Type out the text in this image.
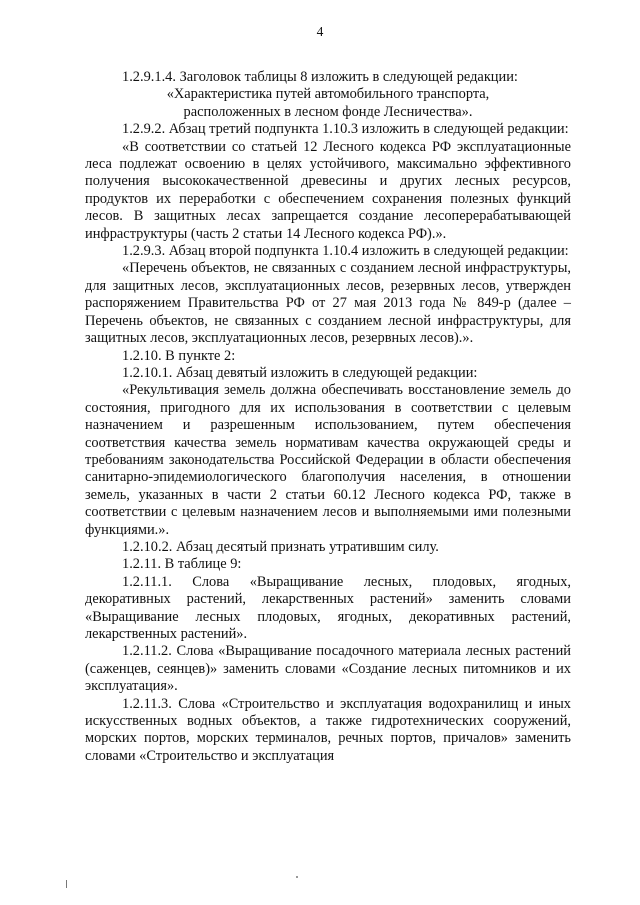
4

1.2.9.1.4. Заголовок таблицы 8 изложить в следующей редакции:

«Характеристика путей автомобильного транспорта,

расположенных в лесном фонде Лесничества».

1.2.9.2. Абзац третий подпункта 1.10.3 изложить в следующей редакции:

«В соответствии со статьей 12 Лесного кодекса РФ эксплуатационные леса подлежат освоению в целях устойчивого, максимально эффективного получения высококачественной древесины и других лесных ресурсов, продуктов их переработки с обеспечением сохранения полезных функций лесов. В защитных лесах запрещается создание лесоперерабатывающей инфраструктуры (часть 2 статьи 14 Лесного кодекса РФ).».

1.2.9.3. Абзац второй подпункта 1.10.4 изложить в следующей редакции:

«Перечень объектов, не связанных с созданием лесной инфраструктуры, для защитных лесов, эксплуатационных лесов, резервных лесов, утвержден распоряжением Правительства РФ от 27 мая 2013 года № 849-р (далее – Перечень объектов, не связанных с созданием лесной инфраструктуры, для защитных лесов, эксплуатационных лесов, резервных лесов).».

1.2.10. В пункте 2:

1.2.10.1. Абзац девятый изложить в следующей редакции:

«Рекультивация земель должна обеспечивать восстановление земель до состояния, пригодного для их использования в соответствии с целевым назначением и разрешенным использованием, путем обеспечения соответствия качества земель нормативам качества окружающей среды и требованиям законодательства Российской Федерации в области обеспечения санитарно-эпидемиологического благополучия населения, в отношении земель, указанных в части 2 статьи 60.12 Лесного кодекса РФ, также в соответствии с целевым назначением лесов и выполняемыми ими полезными функциями.».

1.2.10.2. Абзац десятый признать утратившим силу.

1.2.11. В таблице 9:

1.2.11.1. Слова «Выращивание лесных, плодовых, ягодных, декоративных растений, лекарственных растений» заменить словами «Выращивание лесных плодовых, ягодных, декоративных растений, лекарственных растений».

1.2.11.2. Слова «Выращивание посадочного материала лесных растений (саженцев, сеянцев)» заменить словами «Создание лесных питомников и их эксплуатация».

1.2.11.3. Слова «Строительство и эксплуатация водохранилищ и иных искусственных водных объектов, а также гидротехнических сооружений, морских портов, морских терминалов, речных портов, причалов» заменить словами «Строительство и эксплуатация
